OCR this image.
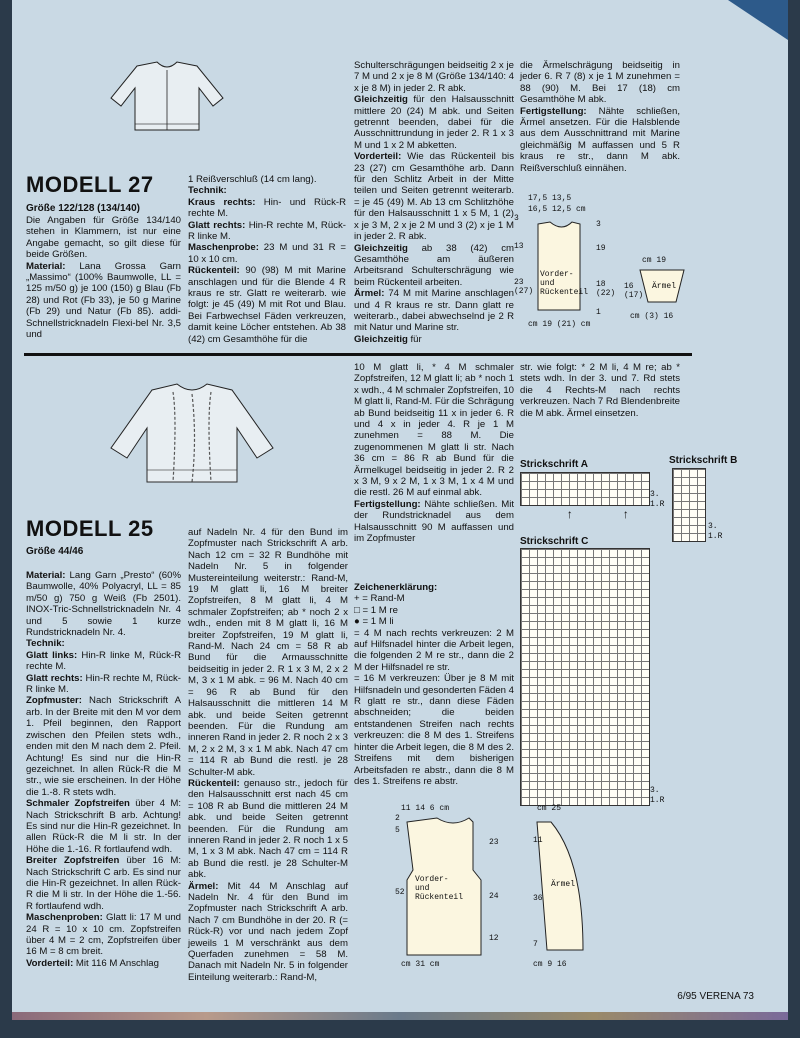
MODELL 27
Größe 122/128 (134/140)

Die Angaben für Größe 134/140 stehen in Klammern, ist nur eine Angabe gemacht, so gilt diese für beide Größen.

Material: Lana Grossa Garn „Massimo“ (100% Baumwolle, LL = 125 m/50 g) je 100 (150) g Blau (Fb 28) und Rot (Fb 33), je 50 g Marine (Fb 29) und Natur (Fb 85). addi-Schnellstricknadeln Flexi-bel Nr. 3,5 und

1 Reißverschluß (14 cm lang).

Technik:

Kraus rechts: Hin- und Rück-R rechte M.

Glatt rechts: Hin-R rechte M, Rück-R linke M.

Maschenprobe: 23 M und 31 R = 10 x 10 cm.

Rückenteil: 90 (98) M mit Marine anschlagen und für die Blende 4 R kraus re str. Glatt re weiterarb. wie folgt: je 45 (49) M mit Rot und Blau. Bei Farbwechsel Fäden verkreuzen, damit keine Löcher entstehen. Ab 38 (42) cm Gesamthöhe für die

Schulterschrägungen beidseitig 2 x je 7 M und 2 x je 8 M (Größe 134/140: 4 x je 8 M) in jeder 2. R abk.

Gleichzeitig für den Halsausschnitt mittlere 20 (24) M abk. und Seiten getrennt beenden, dabei für die Ausschnittrundung in jeder 2. R 1 x 3 M und 1 x 2 M abketten.

Vorderteil: Wie das Rückenteil bis 23 (27) cm Gesamthöhe arb. Dann für den Schlitz Arbeit in der Mitte teilen und Seiten getrennt weiterarb. = je 45 (49) M. Ab 13 cm Schlitzhöhe für den Halsausschnitt 1 x 5 M, 1 (2) x je 3 M, 2 x je 2 M und 3 (2) x je 1 M in jeder 2. R abk.

Gleichzeitig ab 38 (42) cm Gesamthöhe am äußeren Arbeitsrand Schulterschrägung wie beim Rückenteil arbeiten.

Ärmel: 74 M mit Marine anschlagen und 4 R kraus re str. Dann glatt re weiterarb., dabei abwechselnd je 2 R mit Natur und Marine str.

Gleichzeitig für

die Ärmelschrägung beidseitig in jeder 6. R 7 (8) x je 1 M zunehmen = 88 (90) M. Bei 17 (18) cm Gesamthöhe M abk.

Fertigstellung: Nähte schließen, Ärmel ansetzen. Für die Halsblende aus dem Ausschnittrand mit Marine gleichmäßig M auffassen und 5 R kraus re str., dann M abk. Reißverschluß einnähen.

17,5 13,5
16,5 12,5 cm
Vorder- und Rückenteil
Ärmel
3
13
23 (27)
3
19
18 (22)
1
cm 19 (21) cm
cm 19
16 (17)
cm (3) 16
MODELL 25
Größe 44/46

Material: Lang Garn „Presto“ (60% Baumwolle, 40% Polyacryl, LL = 85 m/50 g) 750 g Weiß (Fb 2501). INOX-Tric-Schnellstricknadeln Nr. 4 und 5 sowie 1 kurze Rundstricknadeln Nr. 4.

Technik:

Glatt links: Hin-R linke M, Rück-R rechte M.

Glatt rechts: Hin-R rechte M, Rück-R linke M.

Zopfmuster: Nach Strickschrift A arb. In der Breite mit den M vor dem 1. Pfeil beginnen, den Rapport zwischen den Pfeilen stets wdh., enden mit den M nach dem 2. Pfeil. Achtung! Es sind nur die Hin-R gezeichnet. In allen Rück-R die M str., wie sie erscheinen. In der Höhe die 1.-8. R stets wdh.

Schmaler Zopfstreifen über 4 M: Nach Strickschrift B arb. Achtung! Es sind nur die Hin-R gezeichnet. In allen Rück-R die M li str. In der Höhe die 1.-16. R fortlaufend wdh.

Breiter Zopfstreifen über 16 M: Nach Strickschrift C arb. Es sind nur die Hin-R gezeichnet. In allen Rück-R die M li str. In der Höhe die 1.-56. R fortlaufend wdh.

Maschenproben: Glatt li: 17 M und 24 R = 10 x 10 cm. Zopfstreifen über 4 M = 2 cm, Zopfstreifen über 16 M = 8 cm breit.

Vorderteil: Mit 116 M Anschlag

auf Nadeln Nr. 4 für den Bund im Zopfmuster nach Strickschrift A arb. Nach 12 cm = 32 R Bundhöhe mit Nadeln Nr. 5 in folgender Mustereinteilung weiterstr.: Rand-M, 19 M glatt li, 16 M breiter Zopfstreifen, 8 M glatt li, 4 M schmaler Zopfstreifen; ab * noch 2 x wdh., enden mit 8 M glatt li, 16 M breiter Zopfstreifen, 19 M glatt li, Rand-M. Nach 24 cm = 58 R ab Bund für die Armausschnitte beidseitig in jeder 2. R 1 x 3 M, 2 x 2 M, 3 x 1 M abk. = 96 M. Nach 40 cm = 96 R ab Bund für den Halsausschnitt die mittleren 14 M abk. und beide Seiten getrennt beenden. Für die Rundung am inneren Rand in jeder 2. R noch 2 x 3 M, 2 x 2 M, 3 x 1 M abk. Nach 47 cm = 114 R ab Bund die restl. je 28 Schulter-M abk.

Rückenteil: genauso str., jedoch für den Halsausschnitt erst nach 45 cm = 108 R ab Bund die mittleren 24 M abk. und beide Seiten getrennt beenden. Für die Rundung am inneren Rand in jeder 2. R noch 1 x 5 M, 1 x 3 M abk. Nach 47 cm = 114 R ab Bund die restl. je 28 Schulter-M abk.

Ärmel: Mit 44 M Anschlag auf Nadeln Nr. 4 für den Bund im Zopfmuster nach Strickschrift A arb. Nach 7 cm Bundhöhe in der 20. R (= Rück-R) vor und nach jedem Zopf jeweils 1 M verschränkt aus dem Querfaden zunehmen = 58 M. Danach mit Nadeln Nr. 5 in folgender Einteilung weiterarb.: Rand-M,

10 M glatt li, * 4 M schmaler Zopfstreifen, 12 M glatt li; ab * noch 1 x wdh., 4 M schmaler Zopfstreifen, 10 M glatt li, Rand-M. Für die Schrägung ab Bund beidseitig 11 x in jeder 6. R und 4 x in jeder 4. R je 1 M zunehmen = 88 M. Die zugenommenen M glatt li str. Nach 36 cm = 86 R ab Bund für die Ärmelkugel beidseitig in jeder 2. R 2 x 3 M, 9 x 2 M, 1 x 3 M, 1 x 4 M und die restl. 26 M auf einmal abk.

Fertigstellung: Nähte schließen. Mit der Rundstricknadel aus dem Halsausschnitt 90 M auffassen und im Zopfmuster

Zeichenerklärung:

+ = Rand-M

□ = 1 M re

● = 1 M li

= 4 M nach rechts verkreuzen: 2 M auf Hilfsnadel hinter die Arbeit legen, die folgenden 2 M re str., dann die 2 M der Hilfsnadel re str.

= 16 M verkreuzen: Über je 8 M mit Hilfsnadeln und gesonderten Fäden 4 R glatt re str., dann diese Fäden abschneiden; die beiden entstandenen Streifen nach rechts verkreuzen: die 8 M des 1. Streifens hinter die Arbeit legen, die 8 M des 2. Streifens mit dem bisherigen Arbeitsfaden re abstr., dann die 8 M des 1. Streifens re abstr.

str. wie folgt: * 2 M li, 4 M re; ab * stets wdh. In der 3. und 7. Rd stets die 4 Rechts-M nach rechts verkreuzen. Nach 7 Rd Blendenbreite die M abk. Ärmel einsetzen.

Strickschrift A
3.
1.R
↑	↑
Strickschrift B
3.
1.R
Strickschrift C
3.
1.R
11 14 6 cm
Vorder- und Rückenteil
2
5
52
23
24
12
cm 31 cm
Ärmel
cm 25
11
36
7
cm 9 16
6/95 VERENA 73
